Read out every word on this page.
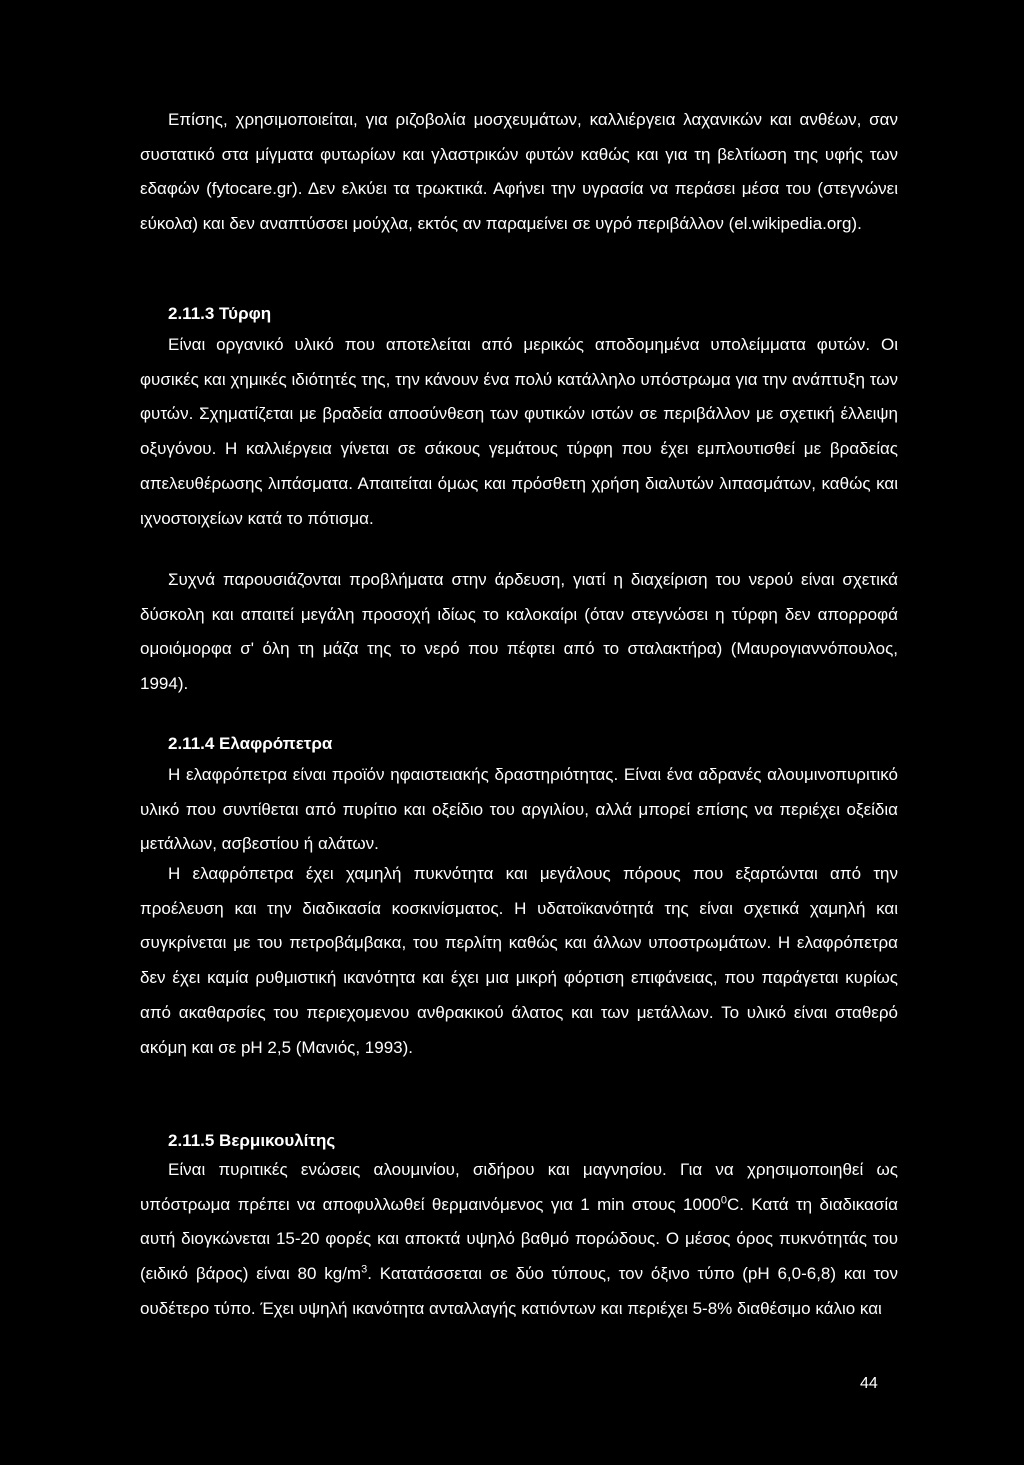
Επίσης, χρησιμοποιείται, για ριζοβολία μοσχευμάτων, καλλιέργεια λαχανικών και ανθέων, σαν συστατικό στα μίγματα φυτωρίων και γλαστρικών φυτών καθώς και για τη βελτίωση της υφής των εδαφών (fytocare.gr). Δεν ελκύει τα τρωκτικά. Αφήνει την υγρασία να περάσει μέσα του (στεγνώνει εύκολα) και δεν αναπτύσσει μούχλα, εκτός αν παραμείνει σε υγρό περιβάλλον (el.wikipedia.org).

2.11.3 Τύρφη

Είναι οργανικό υλικό που αποτελείται από μερικώς αποδομημένα υπολείμματα φυτών. Οι φυσικές και χημικές ιδιότητές της, την κάνουν ένα πολύ κατάλληλο υπόστρωμα για την ανάπτυξη των φυτών. Σχηματίζεται με βραδεία αποσύνθεση των φυτικών ιστών σε περιβάλλον με σχετική έλλειψη οξυγόνου. Η καλλιέργεια γίνεται σε σάκους γεμάτους τύρφη που έχει εμπλουτισθεί με βραδείας απελευθέρωσης λιπάσματα. Απαιτείται όμως και πρόσθετη χρήση διαλυτών λιπασμάτων, καθώς και ιχνοστοιχείων κατά το πότισμα.

Συχνά παρουσιάζονται προβλήματα στην άρδευση, γιατί η διαχείριση του νερού είναι σχετικά δύσκολη και απαιτεί μεγάλη προσοχή ιδίως το καλοκαίρι (όταν στεγνώσει η τύρφη δεν απορροφά ομοιόμορφα σ' όλη τη μάζα της το νερό που πέφτει από το σταλακτήρα) (Μαυρογιαννόπουλος, 1994).

2.11.4 Ελαφρόπετρα

Η ελαφρόπετρα είναι προϊόν ηφαιστειακής δραστηριότητας. Είναι ένα αδρανές αλουμινοπυριτικό υλικό που συντίθεται από πυρίτιο και οξείδιο του αργιλίου, αλλά μπορεί επίσης να περιέχει οξείδια μετάλλων, ασβεστίου ή αλάτων.

Η ελαφρόπετρα έχει χαμηλή πυκνότητα και μεγάλους πόρους που εξαρτώνται από την προέλευση και την διαδικασία κοσκινίσματος. Η υδατοϊκανότητά της είναι σχετικά χαμηλή και συγκρίνεται με του πετροβάμβακα, του περλίτη καθώς και άλλων υποστρωμάτων. Η ελαφρόπετρα δεν έχει καμία ρυθμιστική ικανότητα και έχει μια μικρή φόρτιση επιφάνειας, που παράγεται κυρίως από ακαθαρσίες του περιεχομενου ανθρακικού άλατος και των μετάλλων. Το υλικό είναι σταθερό ακόμη και σε pH 2,5 (Μανιός, 1993).

2.11.5 Βερμικουλίτης

Είναι πυριτικές ενώσεις αλουμινίου, σιδήρου και μαγνησίου. Για να χρησιμοποιηθεί ως υπόστρωμα πρέπει να αποφυλλωθεί θερμαινόμενος για 1 min στους 1000$^0$C. Κατά τη διαδικασία αυτή διογκώνεται 15-20 φορές και αποκτά υψηλό βαθμό πορώδους. Ο μέσος όρος πυκνότητάς του (ειδικό βάρος) είναι 80 $kg/m^3$. Κατατάσσεται σε δύο τύπους, τον όξινο τύπο (pH 6,0-6,8) και τον ουδέτερο τύπο. Έχει υψηλή ικανότητα ανταλλαγής κατιόντων και περιέχει 5-8% διαθέσιμο κάλιο και

44
